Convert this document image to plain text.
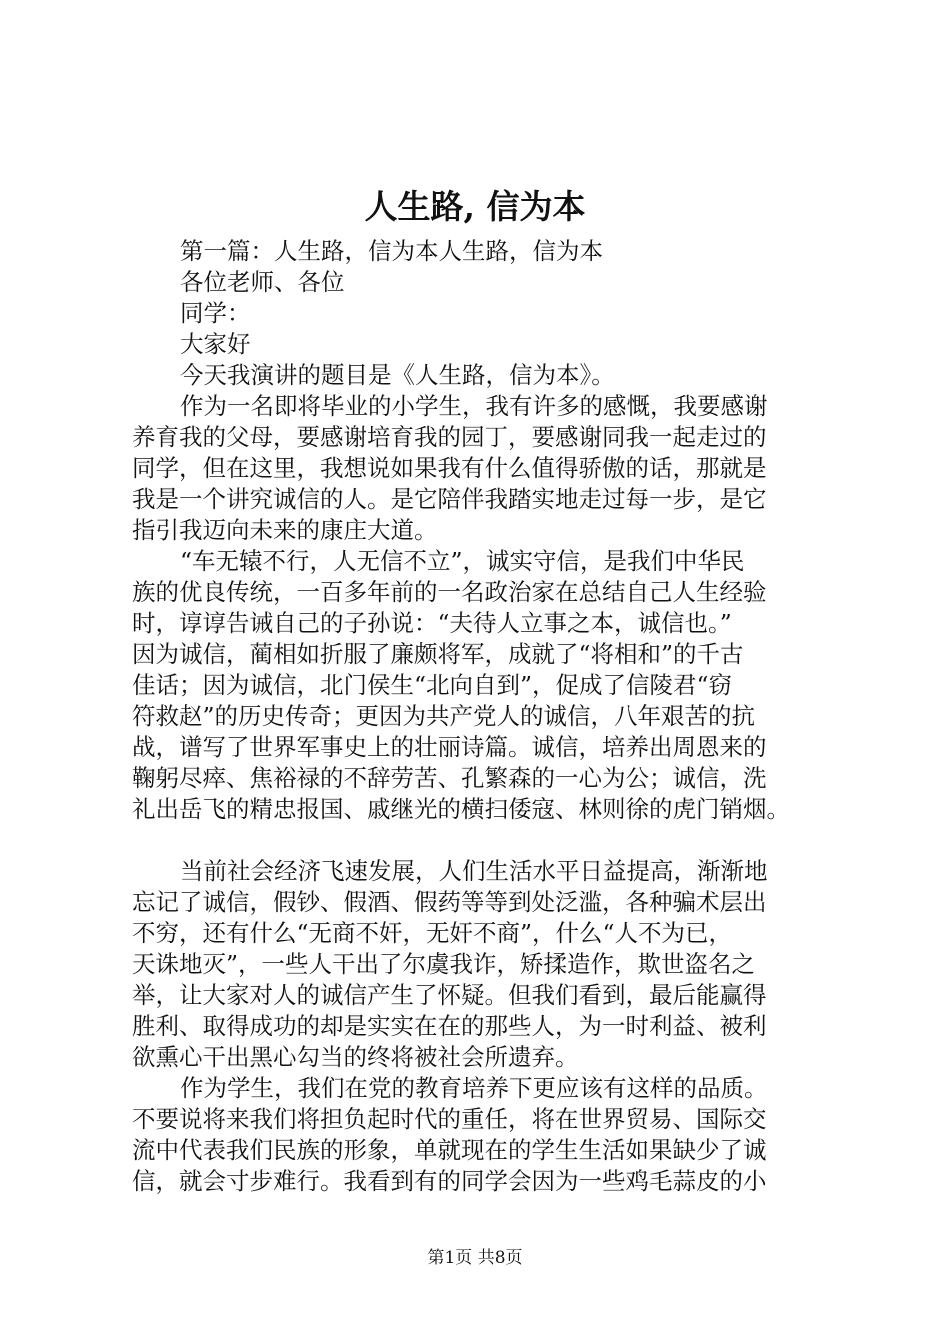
人生路, 信为本
第一篇：人生路，信为本人生路，信为本
各位老师、各位
同学：
大家好
今天我演讲的题目是《人生路，信为本》。
作为一名即将毕业的小学生，我有许多的感慨，我要感谢
养育我的父母，要感谢培育我的园丁，要感谢同我一起走过的
同学，但在这里，我想说如果我有什么值得骄傲的话，那就是
我是一个讲究诚信的人。是它陪伴我踏实地走过每一步，是它
指引我迈向未来的康庄大道。
“车无辕不行，人无信不立”，诚实守信，是我们中华民
族的优良传统，一百多年前的一名政治家在总结自己人生经验
时，谆谆告诫自己的子孙说：“夫待人立事之本，诚信也。”
因为诚信，蔺相如折服了廉颇将军，成就了“将相和”的千古
佳话；因为诚信，北门侯生“北向自到”，促成了信陵君“窃
符救赵”的历史传奇；更因为共产党人的诚信，八年艰苦的抗
战，谱写了世界军事史上的壮丽诗篇。诚信，培养出周恩来的
鞠躬尽瘁、焦裕禄的不辞劳苦、孔繁森的一心为公；诚信，洗
礼出岳飞的精忠报国、戚继光的横扫倭寇、林则徐的虎门销烟。
当前社会经济飞速发展，人们生活水平日益提高，渐渐地
忘记了诚信，假钞、假酒、假药等等到处泛滥，各种骗术层出
不穷，还有什么“无商不奸，无奸不商”，什么“人不为已，
天诛地灭”，一些人干出了尔虞我诈，矫揉造作，欺世盗名之
举，让大家对人的诚信产生了怀疑。但我们看到，最后能赢得
胜利、取得成功的却是实实在在的那些人，为一时利益、被利
欲熏心干出黑心勾当的终将被社会所遗弃。
作为学生，我们在党的教育培养下更应该有这样的品质。
不要说将来我们将担负起时代的重任，将在世界贸易、国际交
流中代表我们民族的形象，单就现在的学生生活如果缺少了诚
信，就会寸步难行。我看到有的同学会因为一些鸡毛蒜皮的小
第1页 共8页
